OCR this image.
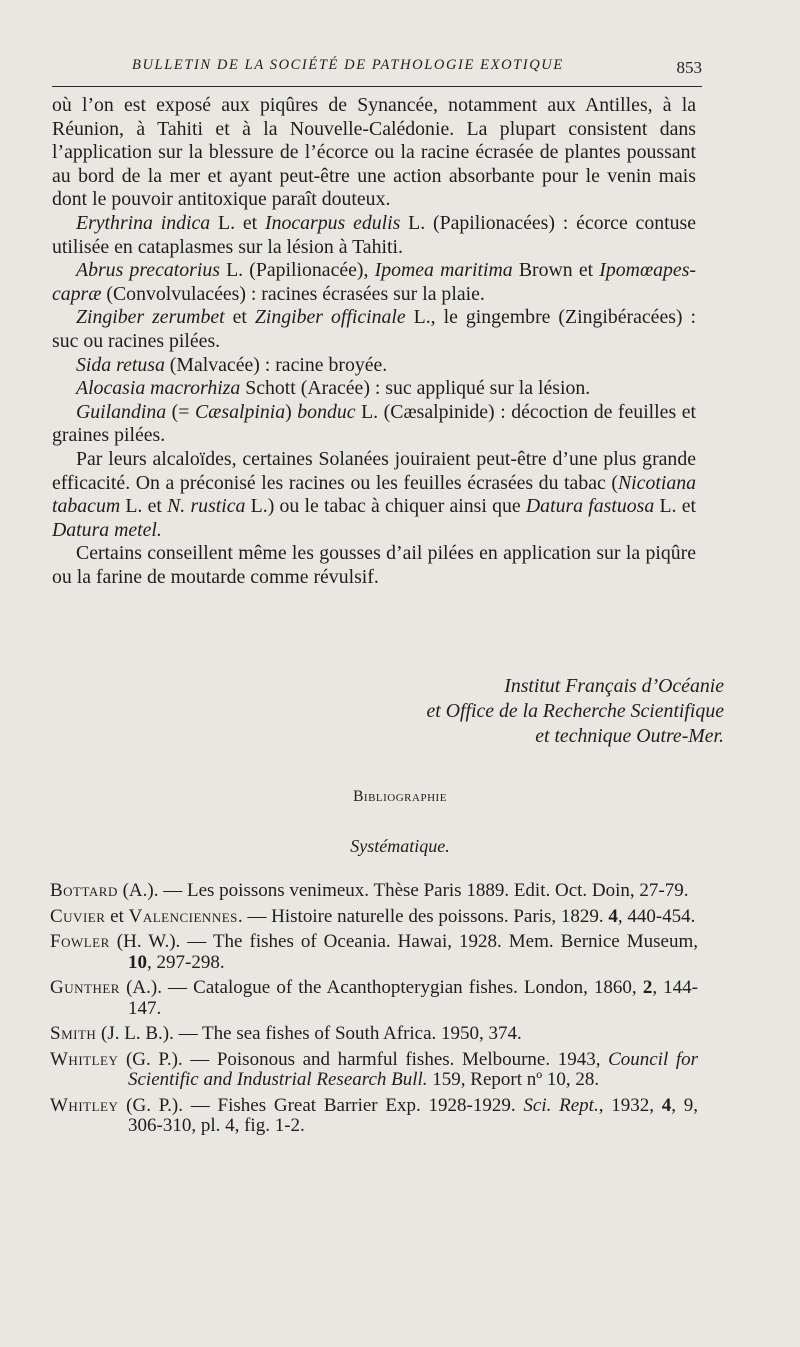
BULLETIN DE LA SOCIÉTÉ DE PATHOLOGIE EXOTIQUE	853

où l’on est exposé aux piqûres de Synancée, notamment aux Antilles, à la Réunion, à Tahiti et à la Nouvelle-Calédonie. La plupart consistent dans l’application sur la blessure de l’écorce ou la racine écrasée de plantes poussant au bord de la mer et ayant peut-être une action absorbante pour le venin mais dont le pouvoir antitoxique paraît douteux.

Erythrina indica L. et Inocarpus edulis L. (Papilionacées) : écorce contuse utilisée en cataplasmes sur la lésion à Tahiti.

Abrus precatorius L. (Papilionacée), Ipomea maritima Brown et Ipomœapes-capræ (Convolvulacées) : racines écrasées sur la plaie.

Zingiber zerumbet et Zingiber officinale L., le gingembre (Zingibéracées) : suc ou racines pilées.

Sida retusa (Malvacée) : racine broyée.

Alocasia macrorhiza Schott (Aracée) : suc appliqué sur la lésion.

Guilandina (= Cæsalpinia) bonduc L. (Cæsalpinide) : décoction de feuilles et graines pilées.

Par leurs alcaloïdes, certaines Solanées jouiraient peut-être d’une plus grande efficacité. On a préconisé les racines ou les feuilles écrasées du tabac (Nicotiana tabacum L. et N. rustica L.) ou le tabac à chiquer ainsi que Datura fastuosa L. et Datura metel.

Certains conseillent même les gousses d’ail pilées en application sur la piqûre ou la farine de moutarde comme révulsif.

Institut Français d’Océanie
et Office de la Recherche Scientifique
et technique Outre-Mer.
Bibliographie
Systématique.
Bottard (A.). — Les poissons venimeux. Thèse Paris 1889. Edit. Oct. Doin, 27-79.
Cuvier et Valenciennes. — Histoire naturelle des poissons. Paris, 1829. 4, 440-454.
Fowler (H. W.). — The fishes of Oceania. Hawai, 1928. Mem. Bernice Museum, 10, 297-298.
Gunther (A.). — Catalogue of the Acanthopterygian fishes. London, 1860, 2, 144-147.
Smith (J. L. B.). — The sea fishes of South Africa. 1950, 374.
Whitley (G. P.). — Poisonous and harmful fishes. Melbourne. 1943, Council for Scientific and Industrial Research Bull. 159, Report nº 10, 28.
Whitley (G. P.). — Fishes Great Barrier Exp. 1928-1929. Sci. Rept., 1932, 4, 9, 306-310, pl. 4, fig. 1-2.
